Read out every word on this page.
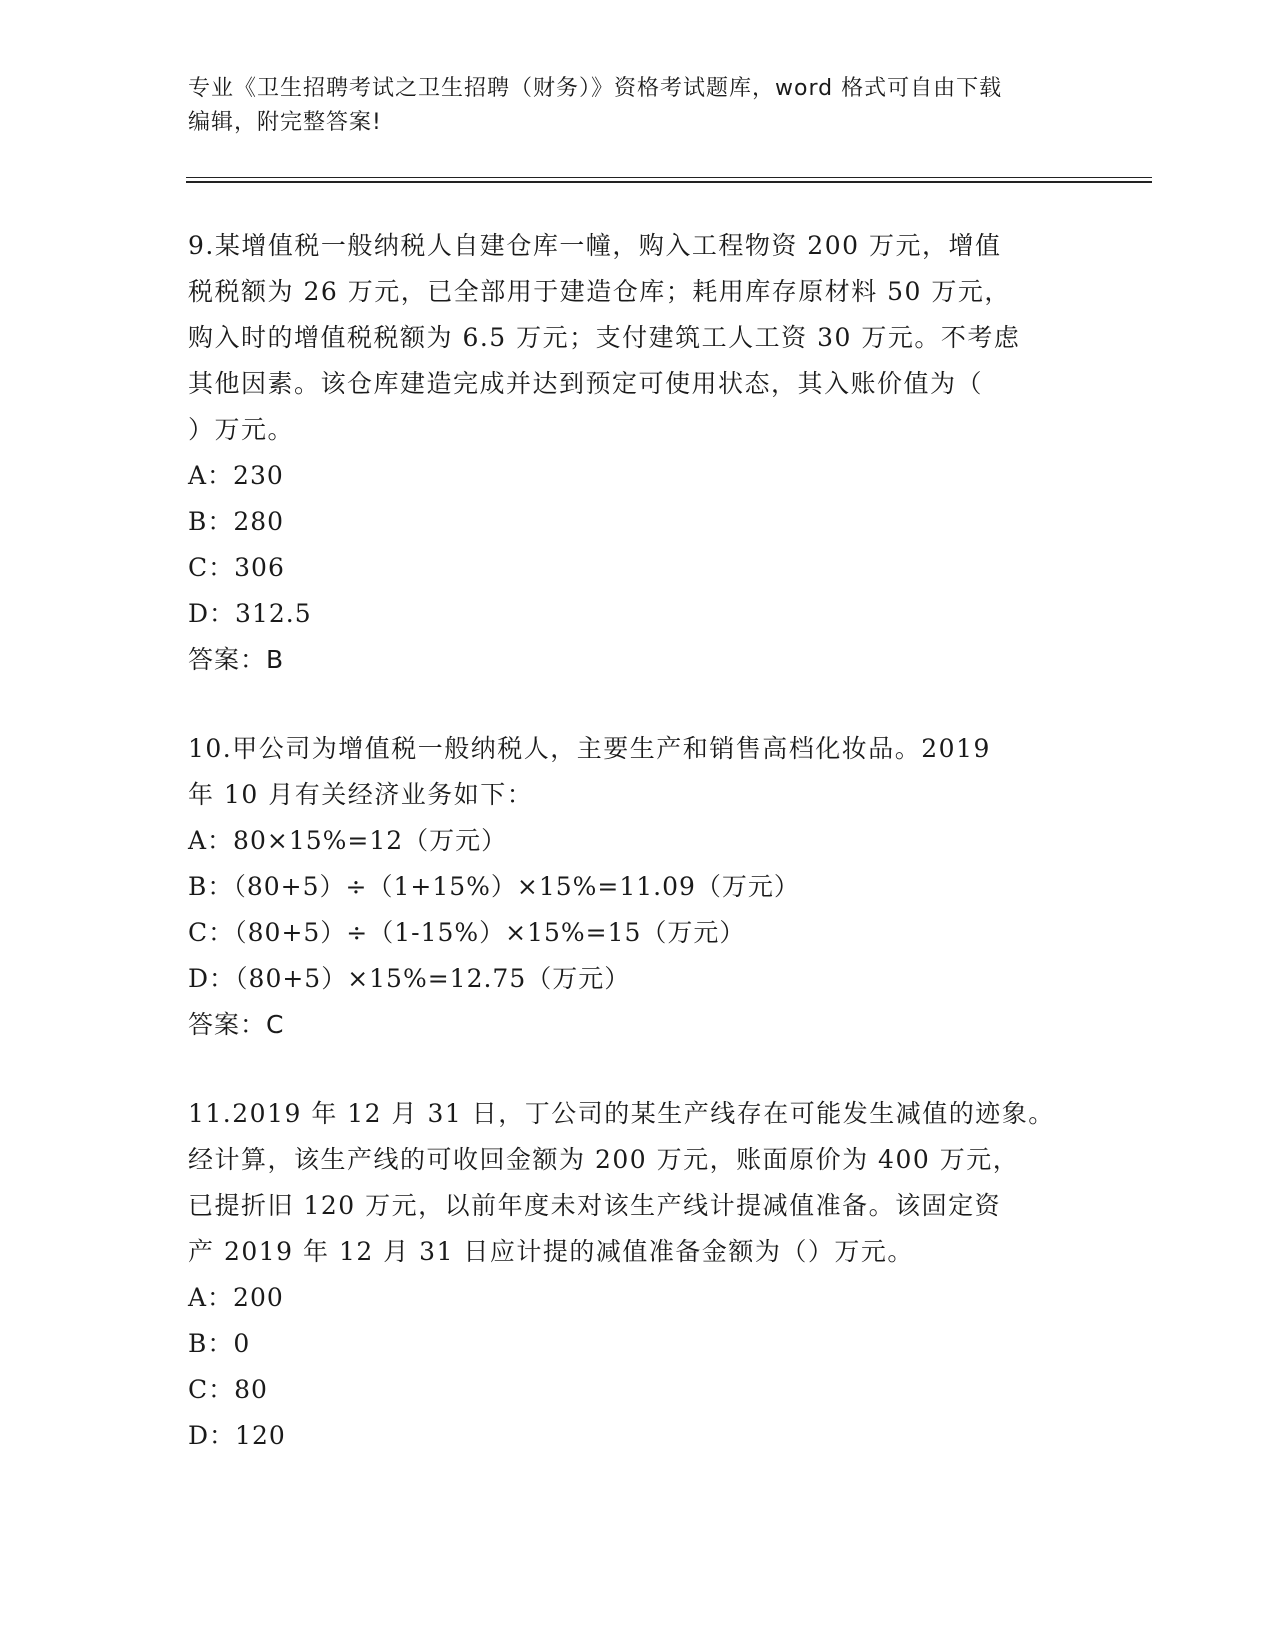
专业《卫生招聘考试之卫生招聘（财务）》资格考试题库，word 格式可自由下载
编辑，附完整答案!

9.某增值税一般纳税人自建仓库一幢，购入工程物资 200 万元，增值

税税额为 26 万元，已全部用于建造仓库；耗用库存原材料 50 万元，

购入时的增值税税额为 6.5 万元；支付建筑工人工资 30 万元。不考虑

其他因素。该仓库建造完成并达到预定可使用状态，其入账价值为（

）万元。

A：230

B：280

C：306

D：312.5

答案：B

10.甲公司为增值税一般纳税人，主要生产和销售高档化妆品。2019

年 10 月有关经济业务如下：

A：80×15%=12（万元）

B：（80+5）÷（1+15%）×15%=11.09（万元）

C：（80+5）÷（1-15%）×15%=15（万元）

D：（80+5）×15%=12.75（万元）

答案：C

11.2019 年 12 月 31 日，丁公司的某生产线存在可能发生减值的迹象。

经计算，该生产线的可收回金额为 200 万元，账面原价为 400 万元，

已提折旧 120 万元，以前年度未对该生产线计提减值准备。该固定资

产 2019 年 12 月 31 日应计提的减值准备金额为（）万元。

A：200

B：0

C：80

D：120
